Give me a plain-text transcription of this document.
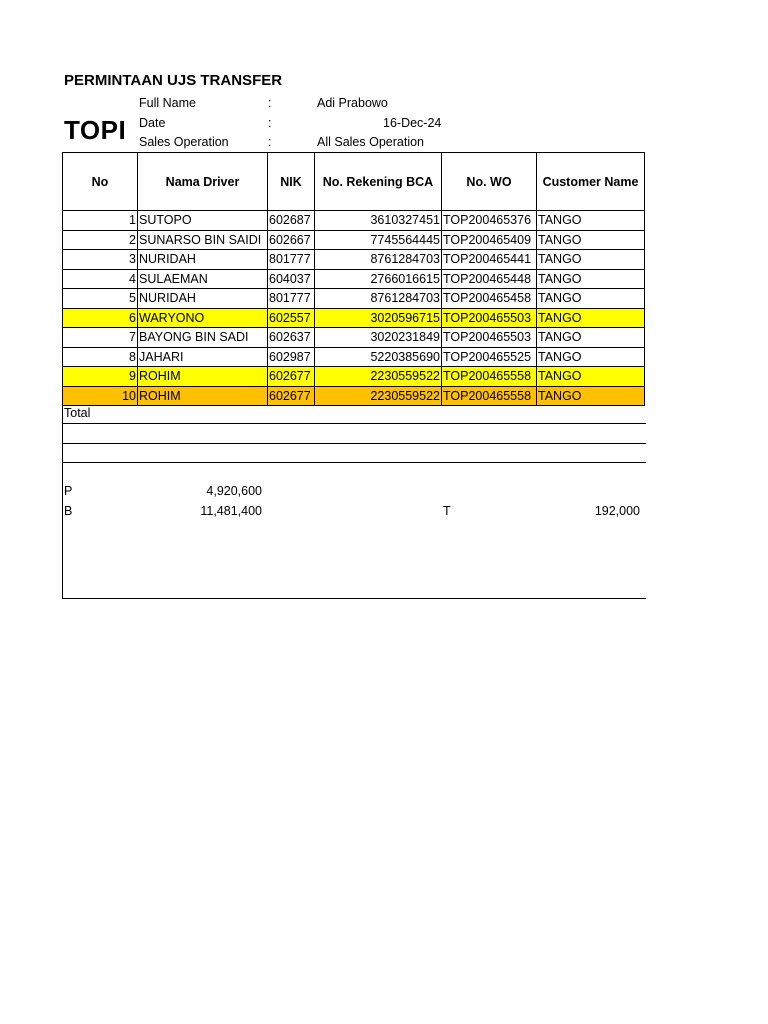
PERMINTAAN UJS TRANSFER
TOPI
Full Name	:	Adi Prabowo
Date	:	16-Dec-24
Sales Operation	:	All Sales Operation
No	Nama Driver	NIK	No. Rekening BCA	No. WO	Customer Name
1	SUTOPO	602687	3610327451	TOP200465376	TANGO
2	SUNARSO BIN SAIDI	602667	7745564445	TOP200465409	TANGO
3	NURIDAH	801777	8761284703	TOP200465441	TANGO
4	SULAEMAN	604037	2766016615	TOP200465448	TANGO
5	NURIDAH	801777	8761284703	TOP200465458	TANGO
6	WARYONO	602557	3020596715	TOP200465503	TANGO
7	BAYONG BIN SADI	602637	3020231849	TOP200465503	TANGO
8	JAHARI	602987	5220385690	TOP200465525	TANGO
9	ROHIM	602677	2230559522	TOP200465558	TANGO
10	ROHIM	602677	2230559522	TOP200465558	TANGO
Total
P	4,920,600
B	11,481,400	T	192,000
